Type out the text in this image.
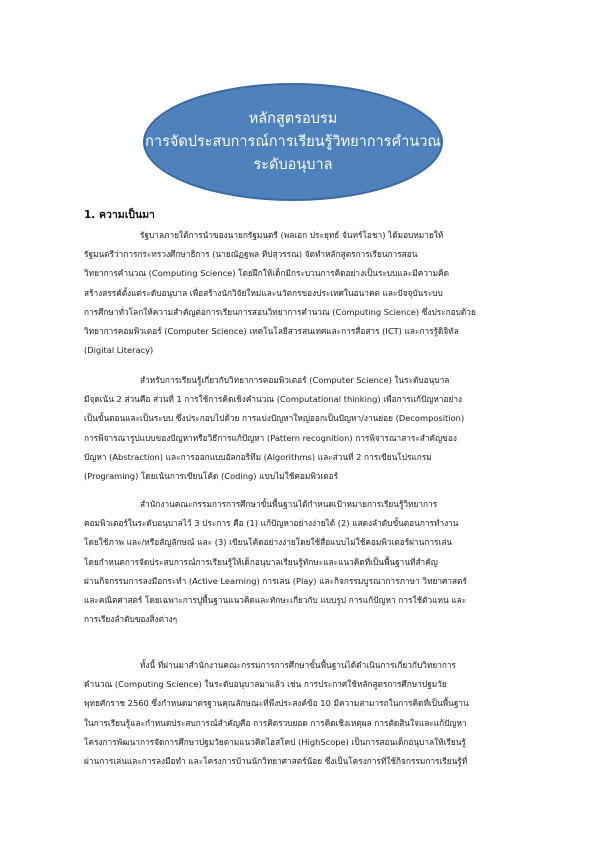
หลักสูตรอบรม
การจัดประสบการณ์การเรียนรู้วิทยาการคำนวณ
ระดับอนุบาล
1. ความเป็นมา
รัฐบาลภายใต้การนำของนายกรัฐมนตรี (พลเอก ประยุทธ์ จันทร์โอชา) ได้มอบหมายให้
รัฐมนตรีว่าการกระทรวงศึกษาธิการ (นายณัฏฐพล ทีปสุวรรณ) จัดทำหลักสูตรการเรียนการสอน
วิทยาการคำนวณ (Computing Science) โดยฝึกให้เด็กมีกระบวนการคิดอย่างเป็นระบบและมีความคิด
สร้างสรรค์ตั้งแต่ระดับอนุบาล เพื่อสร้างนักวิจัยใหม่และนวัตกรของประเทศในอนาคต และปัจจุบันระบบ
การศึกษาทั่วโลกให้ความสำคัญต่อการเรียนการสอนวิทยาการคำนวณ (Computing Science) ซึ่งประกอบด้วย
วิทยาการคอมพิวเตอร์ (Computer Science) เทคโนโลยีสารสนเทศและการสื่อสาร (ICT) และการรู้ดิจิทัล
(Digital Literacy)
สำหรับการเรียนรู้เกี่ยวกับวิทยาการคอมพิวเตอร์ (Computer Science) ในระดับอนุบาล
มีจุดเน้น 2 ส่วนคือ ส่วนที่ 1 การใช้การคิดเชิงคำนวณ (Computational thinking) เพื่อการแก้ปัญหาอย่าง
เป็นขั้นตอนและเป็นระบบ ซึ่งประกอบไปด้วย การแบ่งปัญหาใหญ่ออกเป็นปัญหา/งานย่อย (Decomposition)
การพิจารณารูปแบบของปัญหาหรือวิธีการแก้ปัญหา (Pattern recognition) การพิจารณาสาระสำคัญของ
ปัญหา (Abstraction) และการออกแบบอัลกอริทึม (Algorithms) และส่วนที่ 2 การเขียนโปรแกรม
(Programing) โดยเน้นการเขียนโค้ด (Coding) แบบไม่ใช้คอมพิวเตอร์
สำนักงานคณะกรรมการการศึกษาขั้นพื้นฐานได้กำหนดเป้าหมายการเรียนรู้วิทยาการ
คอมพิวเตอร์ในระดับอนุบาลไว้ 3 ประการ คือ (1) แก้ปัญหาอย่างง่ายได้ (2) แสดงลำดับขั้นตอนการทำงาน
โดยใช้ภาพ และ/หรือสัญลักษณ์ และ (3) เขียนโค้ดอย่างง่ายโดยใช้สื่อแบบไม่ใช้คอมพิวเตอร์ผ่านการเล่น
โดยกำหนดการจัดประสบการณ์การเรียนรู้ให้เด็กอนุบาลเรียนรู้ทักษะและแนวคิดที่เป็นพื้นฐานที่สำคัญ
ผ่านกิจกรรมการลงมือกระทำ (Active Learning) การเล่น (Play) และกิจกรรมบูรณาการภาษา วิทยาศาสตร์
และคณิตศาสตร์ โดยเฉพาะการปูพื้นฐานแนวคิดและทักษะเกี่ยวกับ แบบรูป การแก้ปัญหา การใช้ตัวแทน และ
การเรียงลำดับของสิ่งต่างๆ
ทั้งนี้ ที่ผ่านมาสำนักงานคณะกรรมการการศึกษาขั้นพื้นฐานได้ดำเนินการเกี่ยวกับวิทยาการ
คำนวณ (Computing Science) ในระดับอนุบาลมาแล้ว เช่น การประกาศใช้หลักสูตรการศึกษาปฐมวัย
พุทธศักราช 2560 ซึ่งกำหนดมาตรฐานคุณลักษณะที่พึงประสงค์ข้อ 10 มีความสามารถในการคิดที่เป็นพื้นฐาน
ในการเรียนรู้และกำหนดประสบการณ์สำคัญคือ การคิดรวบยอด การคิดเชิงเหตุผล การตัดสินใจและแก้ปัญหา
โครงการพัฒนาการจัดการศึกษาปฐมวัยตามแนวคิดไฮสโคป (HighScope) เป็นการสอนเด็กอนุบาลให้เรียนรู้
ผ่านการเล่นและการลงมือทำ และโครงการบ้านนักวิทยาศาสตร์น้อย ซึ่งเป็นโครงการที่ใช้กิจกรรมการเรียนรู้ที่
